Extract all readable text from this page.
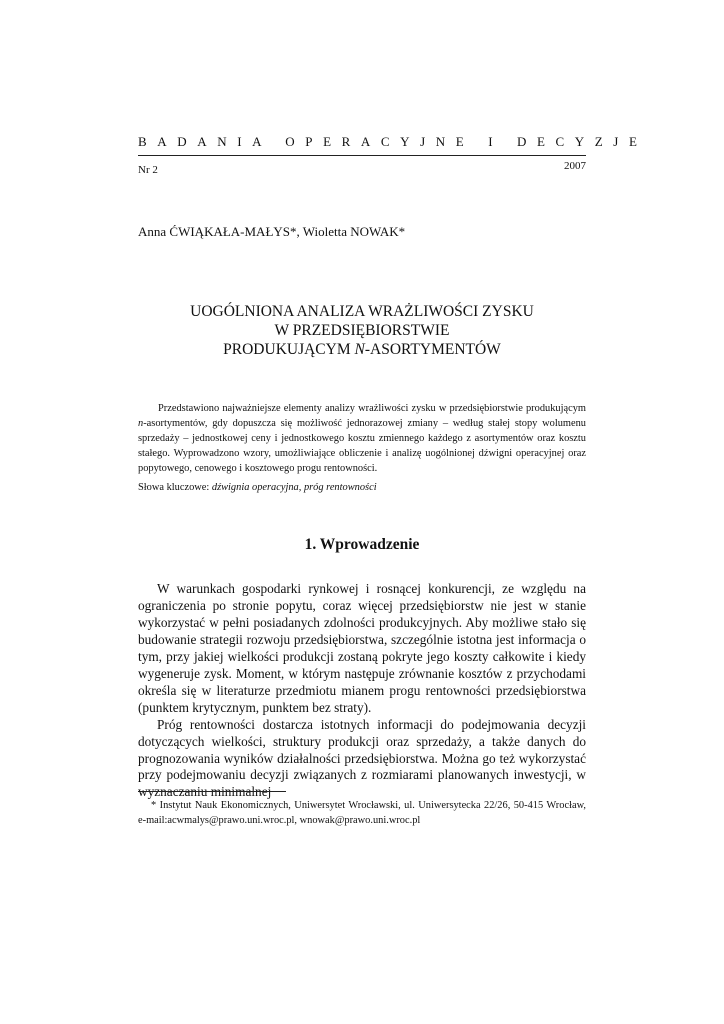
BADANIA OPERACYJNE I DECYZJE
Nr 2	2007
Anna ĆWIĄKAŁA-MAŁYS*, Wioletta NOWAK*
UOGÓLNIONA ANALIZA WRAŻLIWOŚCI ZYSKU
W PRZEDSIĘBIORSTWIE
PRODUKUJĄCYM N-ASORTYMENTÓW
Przedstawiono najważniejsze elementy analizy wrażliwości zysku w przedsiębiorstwie produkującym n-asortymentów, gdy dopuszcza się możliwość jednorazowej zmiany – według stałej stopy wolumenu sprzedaży – jednostkowej ceny i jednostkowego kosztu zmiennego każdego z asortymentów oraz kosztu stałego. Wyprowadzono wzory, umożliwiające obliczenie i analizę uogólnionej dźwigni operacyjnej oraz popytowego, cenowego i kosztowego progu rentowności.
Słowa kluczowe: dźwignia operacyjna, próg rentowności
1. Wprowadzenie

W warunkach gospodarki rynkowej i rosnącej konkurencji, ze względu na ograniczenia po stronie popytu, coraz więcej przedsiębiorstw nie jest w stanie wykorzystać w pełni posiadanych zdolności produkcyjnych. Aby możliwe stało się budowanie strategii rozwoju przedsiębiorstwa, szczególnie istotna jest informacja o tym, przy jakiej wielkości produkcji zostaną pokryte jego koszty całkowite i kiedy wygeneruje zysk. Moment, w którym następuje zrównanie kosztów z przychodami określa się w literaturze przedmiotu mianem progu rentowności przedsiębiorstwa (punktem krytycznym, punktem bez straty).

Próg rentowności dostarcza istotnych informacji do podejmowania decyzji dotyczących wielkości, struktury produkcji oraz sprzedaży, a także danych do prognozowania wyników działalności przedsiębiorstwa. Można go też wykorzystać przy podejmowaniu decyzji związanych z rozmiarami planowanych inwestycji, w wyznaczaniu minimalnej

* Instytut Nauk Ekonomicznych, Uniwersytet Wrocławski, ul. Uniwersytecka 22/26, 50-415 Wrocław, e-mail:acwmalys@prawo.uni.wroc.pl, wnowak@prawo.uni.wroc.pl
